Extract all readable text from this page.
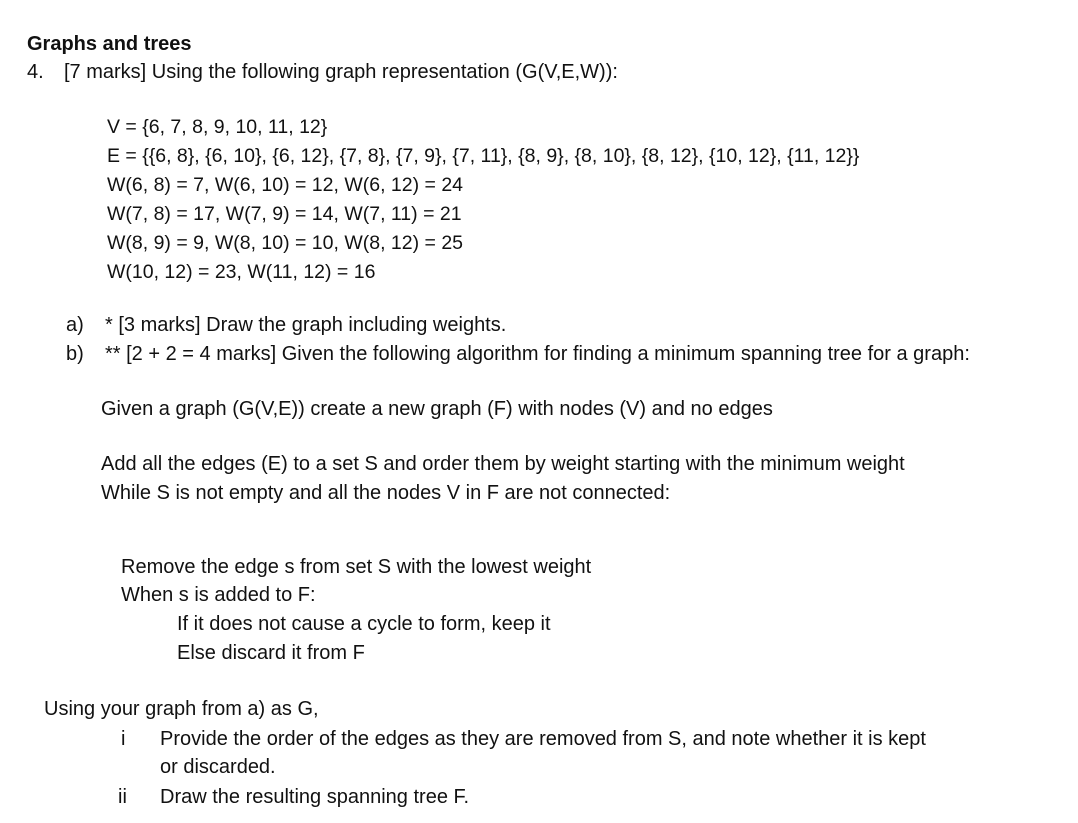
Graphs and trees
4. [7 marks] Using the following graph representation (G(V,E,W)):
V = {6, 7, 8, 9, 10, 11, 12}
E = {{6, 8}, {6, 10}, {6, 12}, {7, 8}, {7, 9}, {7, 11}, {8, 9}, {8, 10}, {8, 12}, {10, 12}, {11, 12}}
W(6, 8) = 7, W(6, 10) = 12, W(6, 12) = 24
W(7, 8) = 17, W(7, 9) = 14, W(7, 11) = 21
W(8, 9) = 9, W(8, 10) = 10, W(8, 12) = 25
W(10, 12) = 23, W(11, 12) = 16
a) * [3 marks] Draw the graph including weights.
b) ** [2 + 2 = 4 marks] Given the following algorithm for finding a minimum spanning tree for a graph:
Given a graph (G(V,E)) create a new graph (F) with nodes (V) and no edges
Add all the edges (E) to a set S and order them by weight starting with the minimum weight
While S is not empty and all the nodes V in F are not connected:
Remove the edge s from set S with the lowest weight
When s is added to F:
If it does not cause a cycle to form, keep it
Else discard it from F
Using your graph from a) as G,
i Provide the order of the edges as they are removed from S, and note whether it is kept
or discarded.
ii Draw the resulting spanning tree F.
